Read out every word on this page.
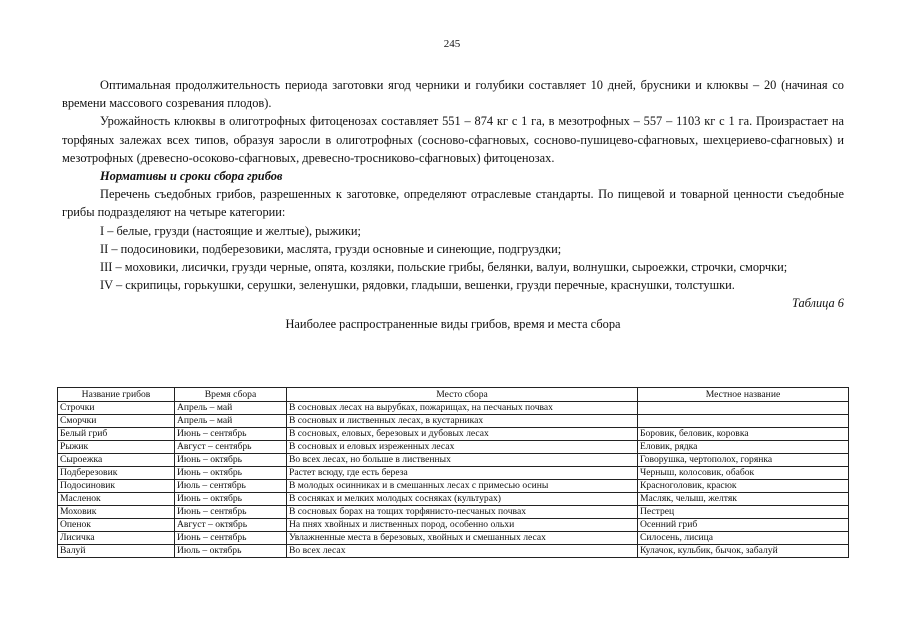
245

Оптимальная продолжительность периода заготовки ягод черники и голубики составляет 10 дней, брусники и клюквы – 20 (начиная со времени массового созревания плодов).

Урожайность клюквы в олиготрофных фитоценозах составляет 551 – 874 кг с 1 га, в мезотрофных – 557 – 1103 кг с 1 га. Произрастает на торфяных залежах всех типов, образуя заросли в олиготрофных (сосново-сфагновых, сосново-пушицево-сфагновых, шехцериево-сфагновых) и мезотрофных (древесно-осоково-сфагновых, древесно-тросниково-сфагновых) фитоценозах.

Нормативы и сроки сбора грибов

Перечень съедобных грибов, разрешенных к заготовке, определяют отраслевые стандарты. По пищевой и товарной ценности съедобные грибы подразделяют на четыре категории:

I – белые, грузди (настоящие и желтые), рыжики;

II – подосиновики, подберезовики, маслята, грузди основные и синеющие, подгруздки;

III – моховики, лисички, грузди черные, опята, козляки, польские грибы, белянки, валуи, волнушки, сыроежки, строчки, сморчки;

IV – скрипицы, горькушки, серушки, зеленушки, рядовки, гладыши, вешенки, грузди перечные, краснушки, толстушки.

Таблица 6

Наиболее распространенные виды грибов, время и места сбора

Название грибов	Время сбора	Место сбора	Местное название
Строчки	Апрель – май	В сосновых лесах на вырубках, пожарищах, на песчаных почвах	
Сморчки	Апрель – май	В сосновых и лиственных лесах, в кустарниках	
Белый гриб	Июнь – сентябрь	В сосновых, еловых, березовых и дубовых лесах	Боровик, беловик, коровка
Рыжик	Август – сентябрь	В сосновых и еловых изреженных лесах	Еловик, рядка
Сыроежка	Июнь – октябрь	Во всех лесах, но больше в лиственных	Говорушка, чертополох, горянка
Подберезовик	Июнь – октябрь	Растет всюду, где есть береза	Черныш, колосовик, обабок
Подосиновик	Июль – сентябрь	В молодых осинниках и в смешанных лесах с примесью осины	Красноголовик, красюк
Масленок	Июнь – октябрь	В сосняках и мелких молодых сосняках (культурах)	Масляк, челыш, желтяк
Моховик	Июнь – сентябрь	В сосновых борах на тощих торфянисто-песчаных почвах	Пестрец
Опенок	Август – октябрь	На пнях хвойных и лиственных пород, особенно ольхи	Осенний гриб
Лисичка	Июнь – сентябрь	Увлажненные места в березовых, хвойных и смешанных лесах	Силосень, лисица
Валуй	Июль – октябрь	Во всех лесах	Кулачок, кульбик, бычок, забалуй
